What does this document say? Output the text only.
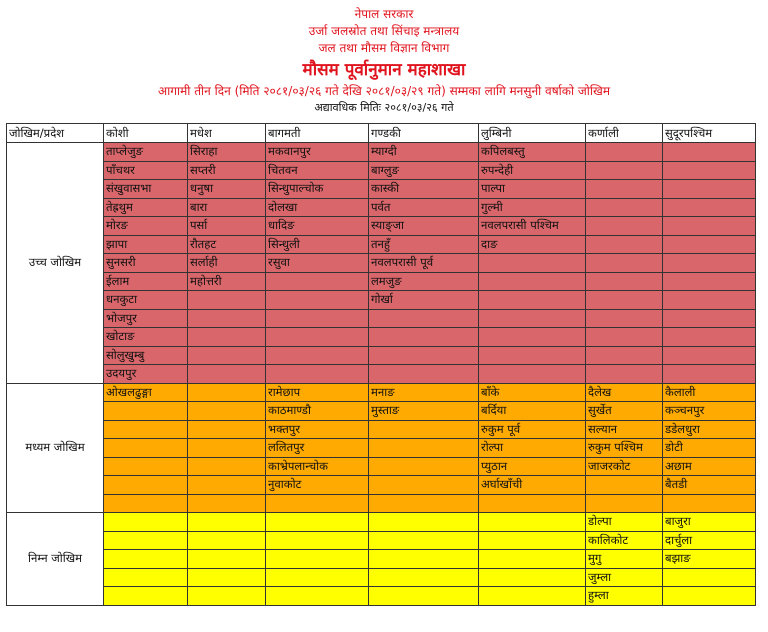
नेपाल सरकार
उर्जा जलस्रोत तथा सिंचाइ मन्त्रालय
जल तथा मौसम विज्ञान विभाग
मौसम पूर्वानुमान महाशाखा
आगामी तीन दिन (मिति २०८१/०३/२६ गते देखि २०८१/०३/२९ गते) सम्मका लागि मनसुनी वर्षाको जोखिम
अद्यावधिक मितिः २०८१/०३/२६ गते
जोखिम/प्रदेश	कोशी	मधेश	बागमती	गण्डकी	लुम्बिनी	कर्णाली	सुदूरपश्चिम
उच्च जोखिम	ताप्लेजुङ	सिराहा	मकवानपुर	म्याग्दी	कपिलबस्तु		
	पाँचथर	सप्तरी	चितवन	बाग्लुङ	रुपन्देही		
	संखुवासभा	धनुषा	सिन्धुपाल्चोक	कास्की	पाल्पा		
	तेह्रथुम	बारा	दोलखा	पर्वत	गुल्मी		
	मोरङ	पर्सा	धादिङ	स्याङ्जा	नवलपरासी पश्चिम		
	झापा	रौतहट	सिन्धुली	तनहुँ	दाङ		
	सुनसरी	सर्लाही	रसुवा	नवलपरासी पूर्व			
	ईलाम	महोत्तरी		लमजुङ			
	धनकुटा			गोर्खा			
	भोजपुर						
	खोटाङ						
	सोलुखुम्बु						
	उदयपुर						
मध्यम जोखिम	ओखलढुङ्गा		रामेछाप	मनाङ	बाँके	दैलेख	कैलाली
			काठमाण्डौ	मुस्ताङ	बर्दिया	सुर्खेत	कञ्चनपुर
			भक्तपुर		रुकुम पूर्व	सल्यान	डडेलधुरा
			ललितपुर		रोल्पा	रुकुम पश्चिम	डोटी
			काभ्रेपलान्चोक		प्युठान	जाजरकोट	अछाम
			नुवाकोट		अर्घाखाँची		बैतडी

निम्न जोखिम						डोल्पा	बाजुरा
						कालिकोट	दार्चुला
						मुगु	बझाङ
						जुम्ला	
						हुम्ला	
